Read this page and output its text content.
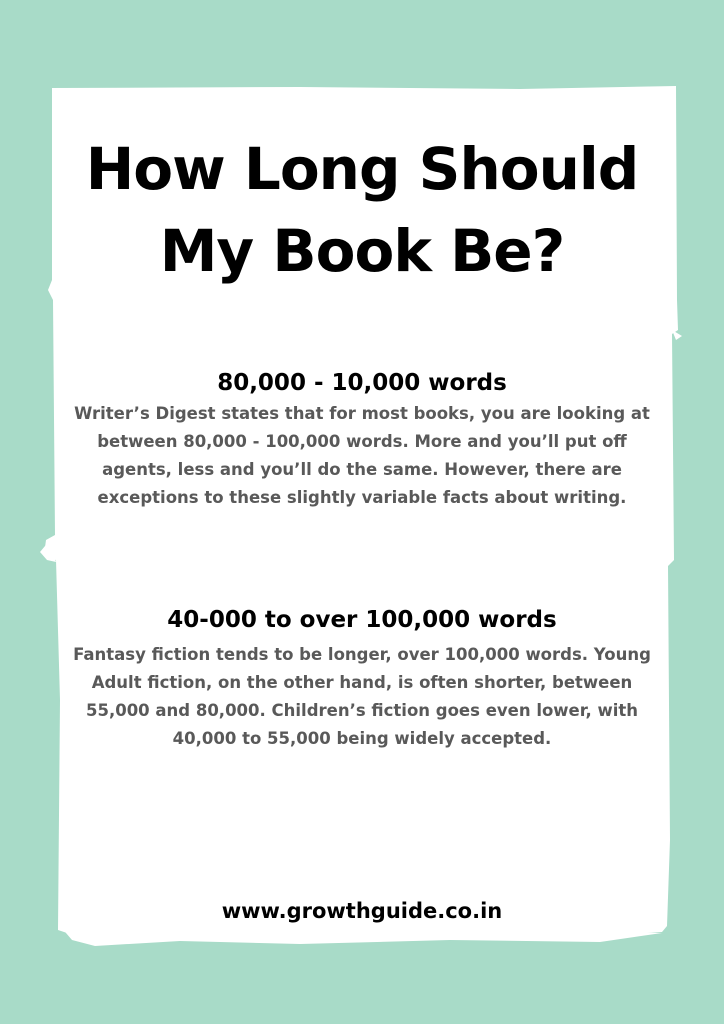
How Long Should
My Book Be?
80,000 - 10,000 words

Writer’s Digest states that for most books, you are looking at between 80,000 - 100,000 words. More and you’ll put off agents, less and you’ll do the same. However, there are exceptions to these slightly variable facts about writing.

40-000 to over 100,000 words

Fantasy fiction tends to be longer, over 100,000 words. Young Adult fiction, on the other hand, is often shorter, between 55,000 and 80,000. Children’s fiction goes even lower, with 40,000 to 55,000 being widely accepted.

www.growthguide.co.in
